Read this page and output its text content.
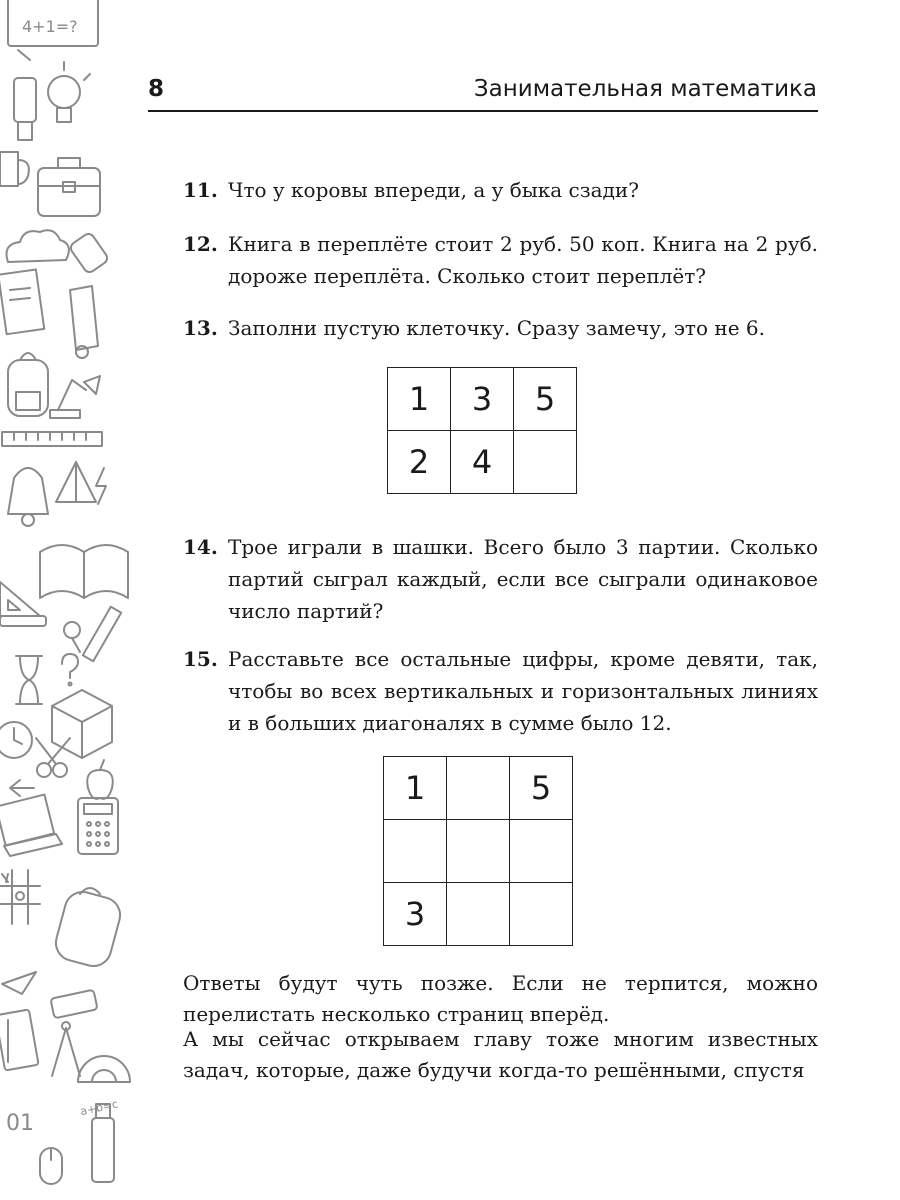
4+1=?
a+b=c
01
8	Занимательная математика
11. Что у коровы впереди, а у быка сзади?
12. Книга в переплёте стоит 2 руб. 50 коп. Книга на 2 руб. дороже переплёта. Сколько стоит переплёт?
13. Заполни пустую клеточку. Сразу замечу, это не 6.
1	3	5
2	4	
14. Трое играли в шашки. Всего было 3 партии. Сколько партий сыграл каждый, если все сыграли одинаковое число партий?
15. Расставьте все остальные цифры, кроме девяти, так, чтобы во всех вертикальных и горизонтальных линиях и в больших диагоналях в сумме было 12.
1		5

3		
Ответы будут чуть позже. Если не терпится, можно перелистать несколько страниц вперёд.
А мы сейчас открываем главу тоже многим известных задач, которые, даже будучи когда-то решёнными, спустя
